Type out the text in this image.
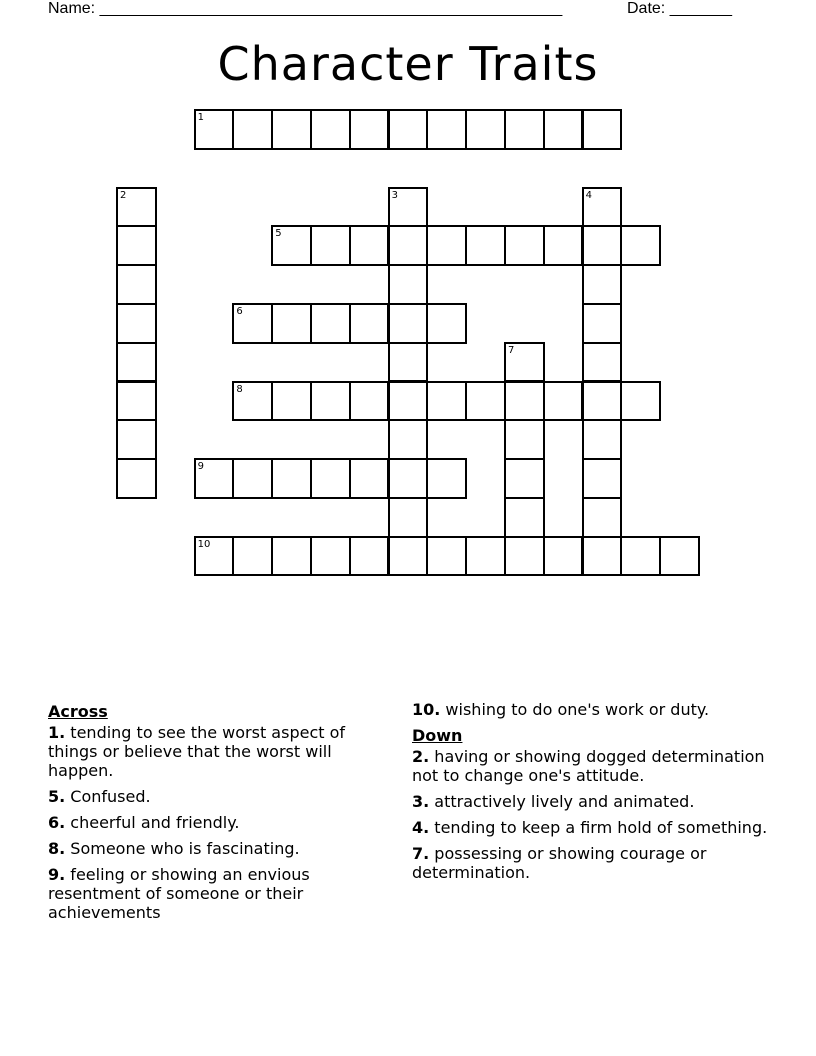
Name: ____________________________________________________	Date: _______
Character Traits
1
2	3	4
5
6
7
8
9
10
Across
1. tending to see the worst aspect of things or believe that the worst will happen.
5. Confused.
6. cheerful and friendly.
8. Someone who is fascinating.
9. feeling or showing an envious resentment of someone or their achievements
10. wishing to do one's work or duty.
Down
2. having or showing dogged determination not to change one's attitude.
3. attractively lively and animated.
4. tending to keep a firm hold of something.
7. possessing or showing courage or determination.
